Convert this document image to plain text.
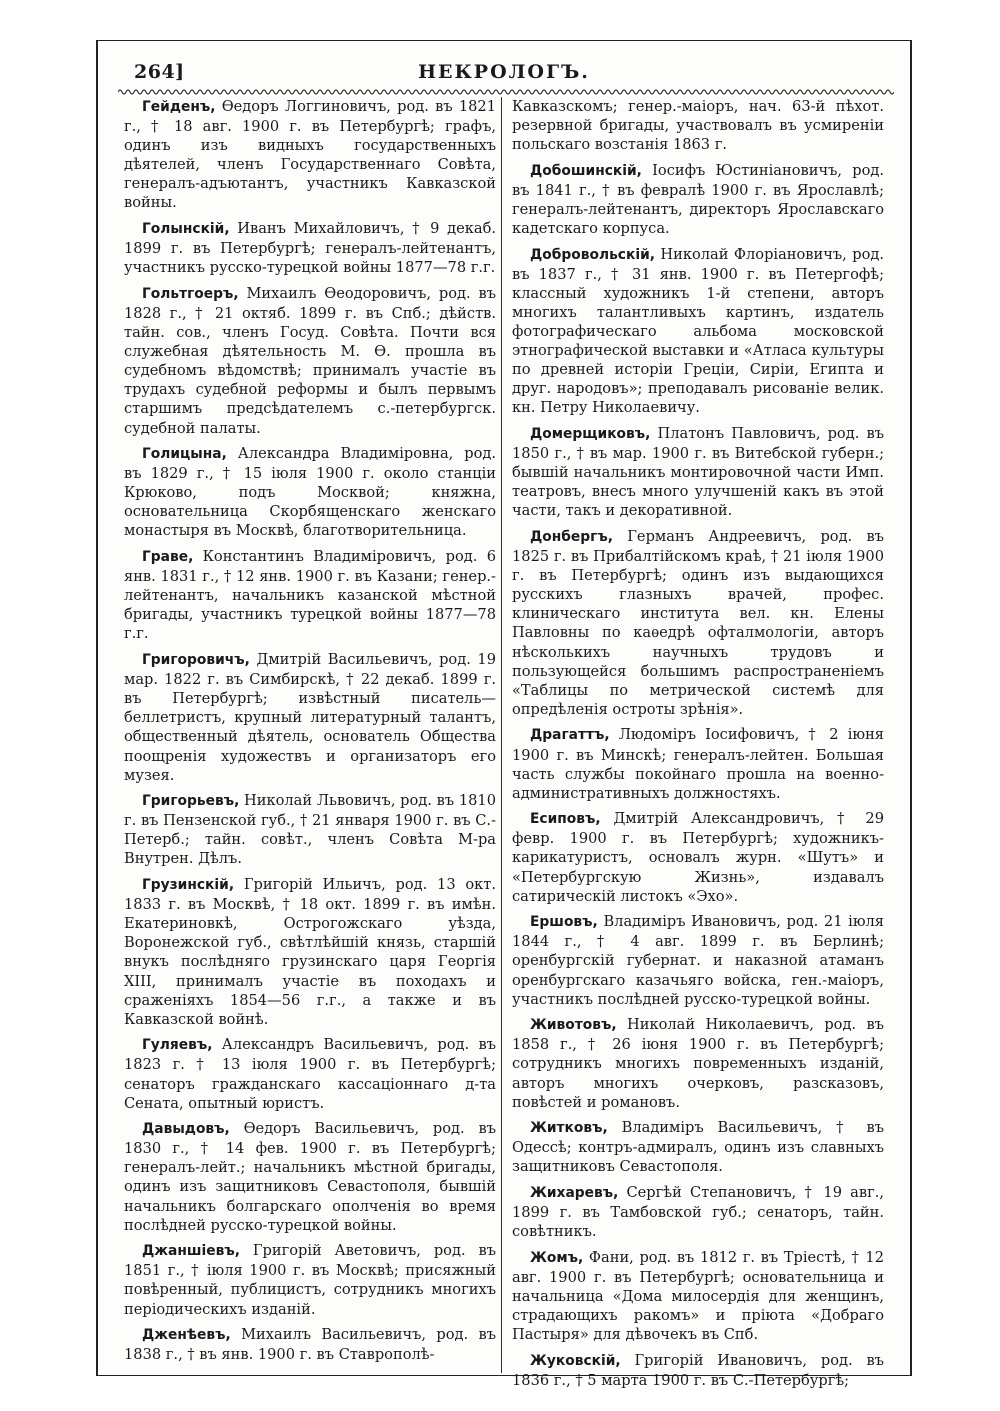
264]	НЕКРОЛОГЪ.

Гейденъ, Ѳедоръ Логгиновичъ, род. въ 1821 г., † 18 авг. 1900 г. въ Петербургѣ; графъ, одинъ изъ видныхъ государственныхъ дѣятелей, членъ Государственнаго Совѣта, генералъ-адъютантъ, участникъ Кавказской войны.

Голынскій, Иванъ Михайловичъ, † 9 декаб. 1899 г. въ Петербургѣ; генералъ-лейтенантъ, участникъ русско-турецкой войны 1877—78 г.г.

Гольтгоеръ, Михаилъ Ѳеодоровичъ, род. въ 1828 г., † 21 октяб. 1899 г. въ Спб.; дѣйств. тайн. сов., членъ Госуд. Совѣта. Почти вся служебная дѣятельность М. Ѳ. прошла въ судебномъ вѣдомствѣ; принималъ участіе въ трудахъ судебной реформы и былъ первымъ старшимъ предсѣдателемъ с.-петербургск. судебной палаты.

Голицына, Александра Владиміровна, род. въ 1829 г., † 15 іюля 1900 г. около станціи Крюково, подъ Москвой; княжна, основательница Скорбященскаго женскаго монастыря въ Москвѣ, благотворительница.

Граве, Константинъ Владиміровичъ, род. 6 янв. 1831 г., † 12 янв. 1900 г. въ Казани; генер.-лейтенантъ, начальникъ казанской мѣстной бригады, участникъ турецкой войны 1877—78 г.г.

Григоровичъ, Дмитрій Васильевичъ, род. 19 мар. 1822 г. въ Симбирскѣ, † 22 декаб. 1899 г. въ Петербургѣ; извѣстный писатель—беллетристъ, крупный литературный талантъ, общественный дѣятель, основатель Общества поощренія художествъ и организаторъ его музея.

Григорьевъ, Николай Львовичъ, род. въ 1810 г. въ Пензенской губ., † 21 января 1900 г. въ С.-Петерб.; тайн. совѣт., членъ Совѣта М-ра Внутрен. Дѣлъ.

Грузинскій, Григорій Ильичъ, род. 13 окт. 1833 г. въ Москвѣ, † 18 окт. 1899 г. въ имѣн. Екатериновкѣ, Острогожскаго уѣзда, Воронежской губ., свѣтлѣйшій князь, старшій внукъ послѣдняго грузинскаго царя Георгія XIII, принималъ участіе въ походахъ и сраженіяхъ 1854—56 г.г., а также и въ Кавказской войнѣ.

Гуляевъ, Александръ Васильевичъ, род. въ 1823 г. † 13 іюля 1900 г. въ Петербургѣ; сенаторъ гражданскаго кассаціоннаго д-та Сената, опытный юристъ.

Давыдовъ, Ѳедоръ Васильевичъ, род. въ 1830 г., † 14 фев. 1900 г. въ Петербургѣ; генералъ-лейт.; начальникъ мѣстной бригады, одинъ изъ защитниковъ Севастополя, бывшій начальникъ болгарскаго ополченія во время послѣдней русско-турецкой войны.

Джаншіевъ, Григорій Аветовичъ, род. въ 1851 г., † іюля 1900 г. въ Москвѣ; присяжный повѣренный, публицистъ, сотрудникъ многихъ періодическихъ изданій.

Дженѣевъ, Михаилъ Васильевичъ, род. въ 1838 г., † въ янв. 1900 г. въ Ставрополѣ-

Кавказскомъ; генер.-маіоръ, нач. 63-й пѣхот. резервной бригады, участвовалъ въ усмиреніи польскаго возстанія 1863 г.

Добошинскій, Іосифъ Юстиніановичъ, род. въ 1841 г., † въ февралѣ 1900 г. въ Ярославлѣ; генералъ-лейтенантъ, директоръ Ярославскаго кадетскаго корпуса.

Добровольскій, Николай Флоріановичъ, род. въ 1837 г., † 31 янв. 1900 г. въ Петергофѣ; классный художникъ 1-й степени, авторъ многихъ талантливыхъ картинъ, издатель фотографическаго альбома московской этнографической выставки и «Атласа культуры по древней исторіи Греціи, Сиріи, Египта и друг. народовъ»; преподавалъ рисованіе велик. кн. Петру Николаевичу.

Домерщиковъ, Платонъ Павловичъ, род. въ 1850 г., † въ мар. 1900 г. въ Витебской губерн.; бывшій начальникъ монтировочной части Имп. театровъ, внесъ много улучшеній какъ въ этой части, такъ и декоративной.

Донбергъ, Германъ Андреевичъ, род. въ 1825 г. въ Прибалтійскомъ краѣ, † 21 іюля 1900 г. въ Петербургѣ; одинъ изъ выдающихся русскихъ глазныхъ врачей, профес. клиническаго института вел. кн. Елены Павловны по каѳедрѣ офталмологіи, авторъ нѣсколькихъ научныхъ трудовъ и пользующейся большимъ распространеніемъ «Таблицы по метрической системѣ для опредѣленія остроты зрѣнія».

Драгаттъ, Людоміръ Іосифовичъ, † 2 іюня 1900 г. въ Минскѣ; генералъ-лейтен. Большая часть службы покойнаго прошла на военно-административныхъ должностяхъ.

Есиповъ, Дмитрій Александровичъ, † 29 февр. 1900 г. въ Петербургѣ; художникъ-карикатуристъ, основалъ журн. «Шутъ» и «Петербургскую Жизнь», издавалъ сатирическій листокъ «Эхо».

Ершовъ, Владиміръ Ивановичъ, род. 21 іюля 1844 г., † 4 авг. 1899 г. въ Берлинѣ; оренбургскій губернат. и наказной атаманъ оренбургскаго казачьяго войска, ген.-маіоръ, участникъ послѣдней русско-турецкой войны.

Животовъ, Николай Николаевичъ, род. въ 1858 г., † 26 іюня 1900 г. въ Петербургѣ; сотрудникъ многихъ повременныхъ изданій, авторъ многихъ очерковъ, разсказовъ, повѣстей и романовъ.

Житковъ, Владиміръ Васильевичъ, † въ Одессѣ; контръ-адмиралъ, одинъ изъ славныхъ защитниковъ Севастополя.

Жихаревъ, Сергѣй Степановичъ, † 19 авг., 1899 г. въ Тамбовской губ.; сенаторъ, тайн. совѣтникъ.

Жомъ, Фани, род. въ 1812 г. въ Тріестѣ, † 12 авг. 1900 г. въ Петербургѣ; основательница и начальница «Дома милосердія для женщинъ, страдающихъ ракомъ» и пріюта «Добраго Пастыря» для дѣвочекъ въ Спб.

Жуковскій, Григорій Ивановичъ, род. въ 1836 г., † 5 марта 1900 г. въ С.-Петербургѣ;
